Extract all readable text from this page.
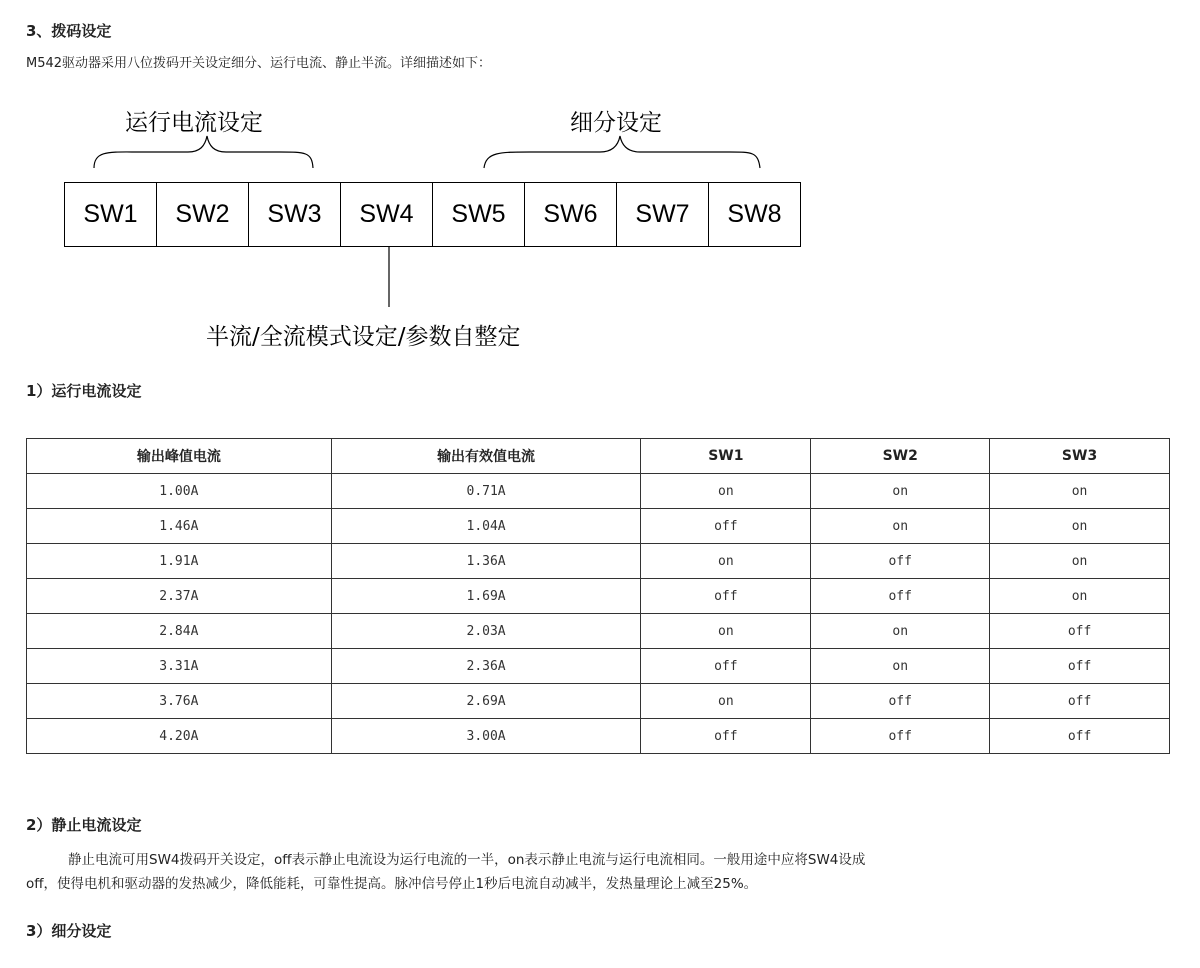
3、拨码设定
M542驱动器采用八位拨码开关设定细分、运行电流、静止半流。详细描述如下：
运行电流设定	细分设定
SW1	SW2	SW3	SW4	SW5	SW6	SW7	SW8
半流/全流模式设定/参数自整定
1）运行电流设定
输出峰值电流	输出有效值电流	SW1	SW2	SW3
1.00A	0.71A	on	on	on
1.46A	1.04A	off	on	on
1.91A	1.36A	on	off	on
2.37A	1.69A	off	off	on
2.84A	2.03A	on	on	off
3.31A	2.36A	off	on	off
3.76A	2.69A	on	off	off
4.20A	3.00A	off	off	off
2）静止电流设定
静止电流可用SW4拨码开关设定，off表示静止电流设为运行电流的一半，on表示静止电流与运行电流相同。一般用途中应将SW4设成
off，使得电机和驱动器的发热减少，降低能耗，可靠性提高。脉冲信号停止1秒后电流自动减半，发热量理论上减至25%。
3）细分设定
